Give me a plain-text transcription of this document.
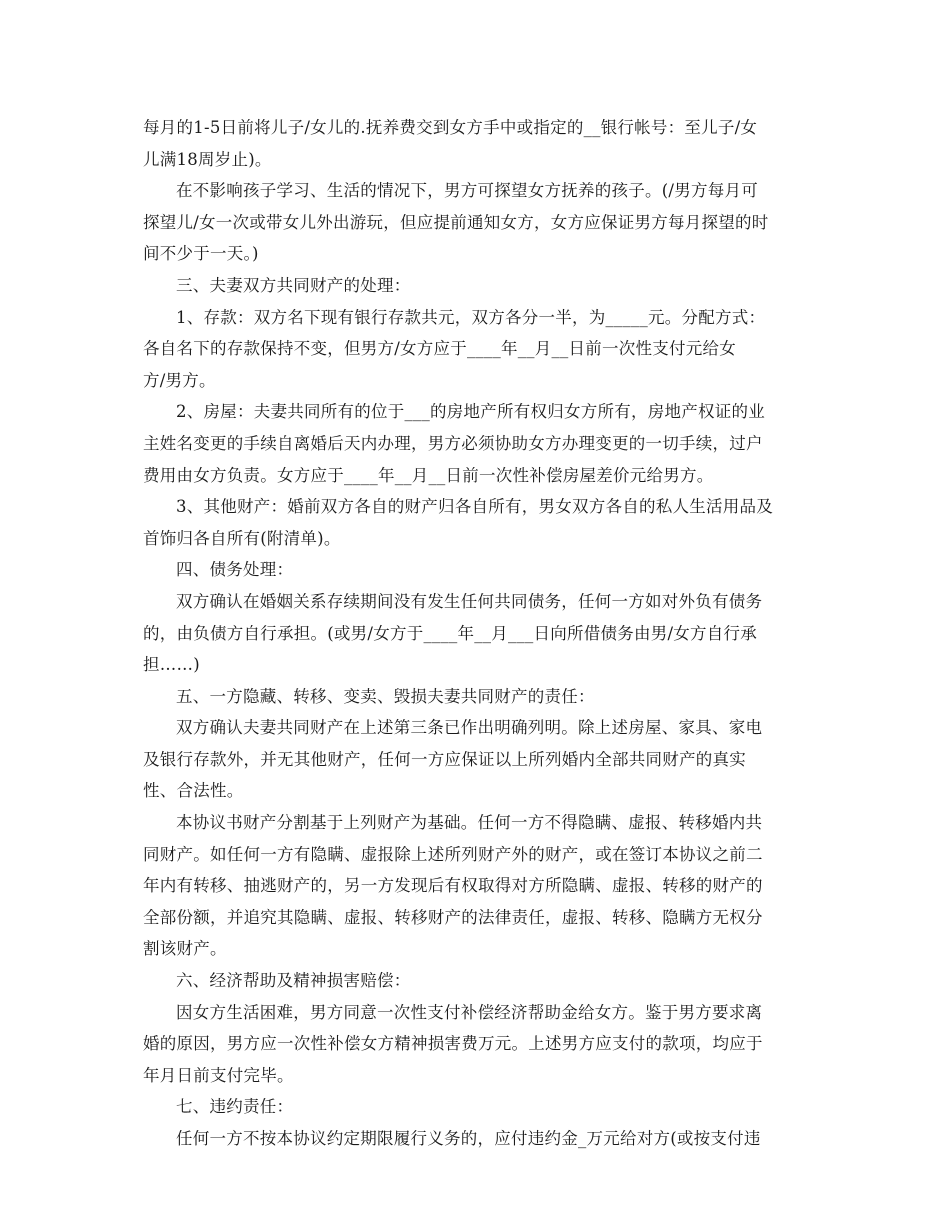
每月的1-5日前将儿子/女儿的.抚养费交到女方手中或指定的__银行帐号：至儿子/女
儿满18周岁止)。
在不影响孩子学习、生活的情况下，男方可探望女方抚养的孩子。(/男方每月可
探望儿/女一次或带女儿外出游玩，但应提前通知女方，女方应保证男方每月探望的时
间不少于一天。)
三、夫妻双方共同财产的处理：
1、存款：双方名下现有银行存款共元，双方各分一半，为_____元。分配方式：
各自名下的存款保持不变，但男方/女方应于____年__月__日前一次性支付元给女
方/男方。
2、房屋：夫妻共同所有的位于___的房地产所有权归女方所有，房地产权证的业
主姓名变更的手续自离婚后天内办理，男方必须协助女方办理变更的一切手续，过户
费用由女方负责。女方应于____年__月__日前一次性补偿房屋差价元给男方。
3、其他财产：婚前双方各自的财产归各自所有，男女双方各自的私人生活用品及
首饰归各自所有(附清单)。
四、债务处理：
双方确认在婚姻关系存续期间没有发生任何共同债务，任何一方如对外负有债务
的，由负债方自行承担。(或男/女方于____年__月___日向所借债务由男/女方自行承
担……)
五、一方隐藏、转移、变卖、毁损夫妻共同财产的责任：
双方确认夫妻共同财产在上述第三条已作出明确列明。除上述房屋、家具、家电
及银行存款外，并无其他财产，任何一方应保证以上所列婚内全部共同财产的真实
性、合法性。
本协议书财产分割基于上列财产为基础。任何一方不得隐瞒、虚报、转移婚内共
同财产。如任何一方有隐瞒、虚报除上述所列财产外的财产，或在签订本协议之前二
年内有转移、抽逃财产的，另一方发现后有权取得对方所隐瞒、虚报、转移的财产的
全部份额，并追究其隐瞒、虚报、转移财产的法律责任，虚报、转移、隐瞒方无权分
割该财产。
六、经济帮助及精神损害赔偿：
因女方生活困难，男方同意一次性支付补偿经济帮助金给女方。鉴于男方要求离
婚的原因，男方应一次性补偿女方精神损害费万元。上述男方应支付的款项，均应于
年月日前支付完毕。
七、违约责任：
任何一方不按本协议约定期限履行义务的，应付违约金_万元给对方(或按支付违
